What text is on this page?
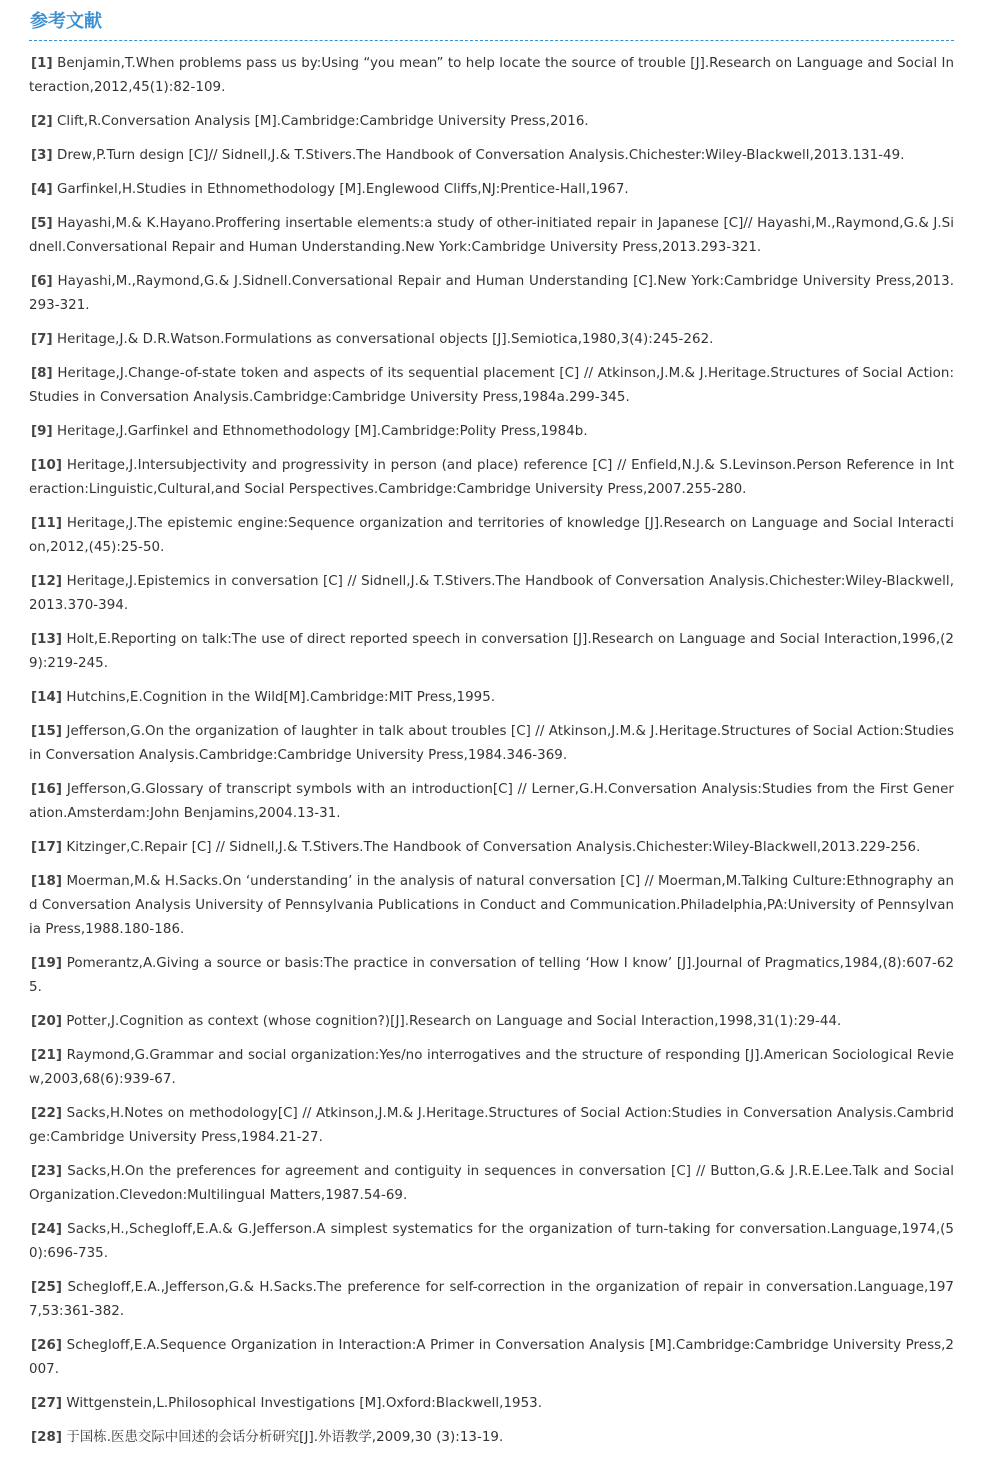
参考文献
[1] Benjamin,T.When problems pass us by:Using “you mean” to help locate the source of trouble [J].Research on Language and Social Interaction,2012,45(1):82-109.
[2] Clift,R.Conversation Analysis [M].Cambridge:Cambridge University Press,2016.
[3] Drew,P.Turn design [C]// Sidnell,J.& T.Stivers.The Handbook of Conversation Analysis.Chichester:Wiley-Blackwell,2013.131-49.
[4] Garfinkel,H.Studies in Ethnomethodology [M].Englewood Cliffs,NJ:Prentice-Hall,1967.
[5] Hayashi,M.& K.Hayano.Proffering insertable elements:a study of other-initiated repair in Japanese [C]// Hayashi,M.,Raymond,G.& J.Sidnell.Conversational Repair and Human Understanding.New York:Cambridge University Press,2013.293-321.
[6] Hayashi,M.,Raymond,G.& J.Sidnell.Conversational Repair and Human Understanding [C].New York:Cambridge University Press,2013.293-321.
[7] Heritage,J.& D.R.Watson.Formulations as conversational objects [J].Semiotica,1980,3(4):245-262.
[8] Heritage,J.Change-of-state token and aspects of its sequential placement [C] // Atkinson,J.M.& J.Heritage.Structures of Social Action:Studies in Conversation Analysis.Cambridge:Cambridge University Press,1984a.299-345.
[9] Heritage,J.Garfinkel and Ethnomethodology [M].Cambridge:Polity Press,1984b.
[10] Heritage,J.Intersubjectivity and progressivity in person (and place) reference [C] // Enfield,N.J.& S.Levinson.Person Reference in Interaction:Linguistic,Cultural,and Social Perspectives.Cambridge:Cambridge University Press,2007.255-280.
[11] Heritage,J.The epistemic engine:Sequence organization and territories of knowledge [J].Research on Language and Social Interaction,2012,(45):25-50.
[12] Heritage,J.Epistemics in conversation [C] // Sidnell,J.& T.Stivers.The Handbook of Conversation Analysis.Chichester:Wiley-Blackwell,2013.370-394.
[13] Holt,E.Reporting on talk:The use of direct reported speech in conversation [J].Research on Language and Social Interaction,1996,(29):219-245.
[14] Hutchins,E.Cognition in the Wild[M].Cambridge:MIT Press,1995.
[15] Jefferson,G.On the organization of laughter in talk about troubles [C] // Atkinson,J.M.& J.Heritage.Structures of Social Action:Studies in Conversation Analysis.Cambridge:Cambridge University Press,1984.346-369.
[16] Jefferson,G.Glossary of transcript symbols with an introduction[C] // Lerner,G.H.Conversation Analysis:Studies from the First Generation.Amsterdam:John Benjamins,2004.13-31.
[17] Kitzinger,C.Repair [C] // Sidnell,J.& T.Stivers.The Handbook of Conversation Analysis.Chichester:Wiley-Blackwell,2013.229-256.
[18] Moerman,M.& H.Sacks.On ‘understanding’ in the analysis of natural conversation [C] // Moerman,M.Talking Culture:Ethnography and Conversation Analysis University of Pennsylvania Publications in Conduct and Communication.Philadelphia,PA:University of Pennsylvania Press,1988.180-186.
[19] Pomerantz,A.Giving a source or basis:The practice in conversation of telling ‘How I know’ [J].Journal of Pragmatics,1984,(8):607-625.
[20] Potter,J.Cognition as context (whose cognition?)[J].Research on Language and Social Interaction,1998,31(1):29-44.
[21] Raymond,G.Grammar and social organization:Yes/no interrogatives and the structure of responding [J].American Sociological Review,2003,68(6):939-67.
[22] Sacks,H.Notes on methodology[C] // Atkinson,J.M.& J.Heritage.Structures of Social Action:Studies in Conversation Analysis.Cambridge:Cambridge University Press,1984.21-27.
[23] Sacks,H.On the preferences for agreement and contiguity in sequences in conversation [C] // Button,G.& J.R.E.Lee.Talk and Social Organization.Clevedon:Multilingual Matters,1987.54-69.
[24] Sacks,H.,Schegloff,E.A.& G.Jefferson.A simplest systematics for the organization of turn-taking for conversation.Language,1974,(50):696-735.
[25] Schegloff,E.A.,Jefferson,G.& H.Sacks.The preference for self-correction in the organization of repair in conversation.Language,1977,53:361-382.
[26] Schegloff,E.A.Sequence Organization in Interaction:A Primer in Conversation Analysis [M].Cambridge:Cambridge University Press,2007.
[27] Wittgenstein,L.Philosophical Investigations [M].Oxford:Blackwell,1953.
[28] 于国栋.医患交际中回述的会话分析研究[J].外语教学,2009,30 (3):13-19.
